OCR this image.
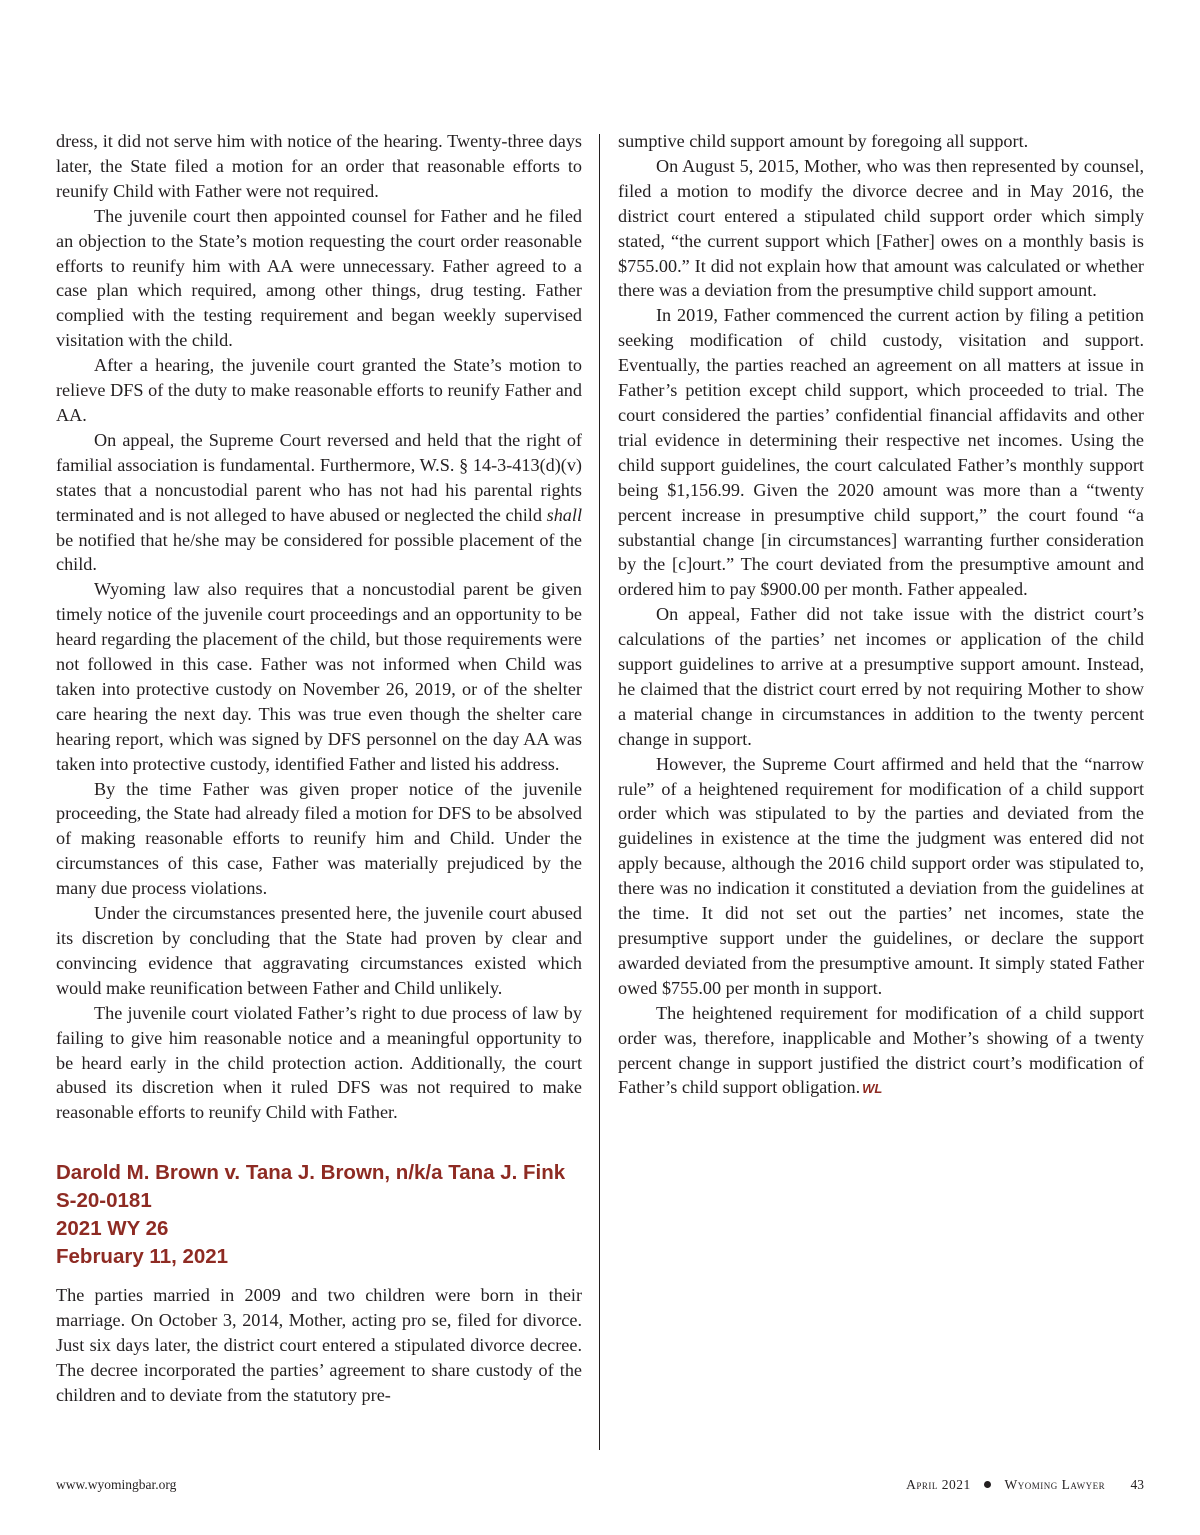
dress, it did not serve him with notice of the hearing. Twenty-three days later, the State filed a motion for an order that reasonable efforts to reunify Child with Father were not required.

The juvenile court then appointed counsel for Father and he filed an objection to the State’s motion requesting the court order reasonable efforts to reunify him with AA were unnecessary. Father agreed to a case plan which required, among other things, drug testing. Father complied with the testing requirement and began weekly supervised visitation with the child.

After a hearing, the juvenile court granted the State’s motion to relieve DFS of the duty to make reasonable efforts to reunify Father and AA.

On appeal, the Supreme Court reversed and held that the right of familial association is fundamental. Furthermore, W.S. § 14-3-413(d)(v) states that a noncustodial parent who has not had his parental rights terminated and is not alleged to have abused or neglected the child shall be notified that he/she may be considered for possible placement of the child.

Wyoming law also requires that a noncustodial parent be given timely notice of the juvenile court proceedings and an opportunity to be heard regarding the placement of the child, but those requirements were not followed in this case. Father was not informed when Child was taken into protective custody on November 26, 2019, or of the shelter care hearing the next day. This was true even though the shelter care hearing report, which was signed by DFS personnel on the day AA was taken into protective custody, identified Father and listed his address.

By the time Father was given proper notice of the juvenile proceeding, the State had already filed a motion for DFS to be absolved of making reasonable efforts to reunify him and Child. Under the circumstances of this case, Father was materially prejudiced by the many due process violations.

Under the circumstances presented here, the juvenile court abused its discretion by concluding that the State had proven by clear and convincing evidence that aggravating circumstances existed which would make reunification between Father and Child unlikely.

The juvenile court violated Father’s right to due process of law by failing to give him reasonable notice and a meaningful opportunity to be heard early in the child protection action. Additionally, the court abused its discretion when it ruled DFS was not required to make reasonable efforts to reunify Child with Father.

Darold M. Brown v. Tana J. Brown, n/k/a Tana J. Fink
S-20-0181
2021 WY 26
February 11, 2021

The parties married in 2009 and two children were born in their marriage. On October 3, 2014, Mother, acting pro se, filed for divorce. Just six days later, the district court entered a stipulated divorce decree. The decree incorporated the parties’ agreement to share custody of the children and to deviate from the statutory pre-

sumptive child support amount by foregoing all support.

On August 5, 2015, Mother, who was then represented by counsel, filed a motion to modify the divorce decree and in May 2016, the district court entered a stipulated child support order which simply stated, “the current support which [Father] owes on a monthly basis is $755.00.” It did not explain how that amount was calculated or whether there was a deviation from the presumptive child support amount.

In 2019, Father commenced the current action by filing a petition seeking modification of child custody, visitation and support. Eventually, the parties reached an agreement on all matters at issue in Father’s petition except child support, which proceeded to trial. The court considered the parties’ confidential financial affidavits and other trial evidence in determining their respective net incomes. Using the child support guidelines, the court calculated Father’s monthly support being $1,156.99. Given the 2020 amount was more than a “twenty percent increase in presumptive child support,” the court found “a substantial change [in circumstances] warranting further consideration by the [c]ourt.” The court deviated from the presumptive amount and ordered him to pay $900.00 per month. Father appealed.

On appeal, Father did not take issue with the district court’s calculations of the parties’ net incomes or application of the child support guidelines to arrive at a presumptive support amount. Instead, he claimed that the district court erred by not requiring Mother to show a material change in circumstances in addition to the twenty percent change in support.

However, the Supreme Court affirmed and held that the “narrow rule” of a heightened requirement for modification of a child support order which was stipulated to by the parties and deviated from the guidelines in existence at the time the judgment was entered did not apply because, although the 2016 child support order was stipulated to, there was no indication it constituted a deviation from the guidelines at the time. It did not set out the parties’ net incomes, state the presumptive support under the guidelines, or declare the support awarded deviated from the presumptive amount. It simply stated Father owed $755.00 per month in support.

The heightened requirement for modification of a child support order was, therefore, inapplicable and Mother’s showing of a twenty percent change in support justified the district court’s modification of Father’s child support obligation. WL

www.wyomingbar.org	April 2021	Wyoming Lawyer 43
